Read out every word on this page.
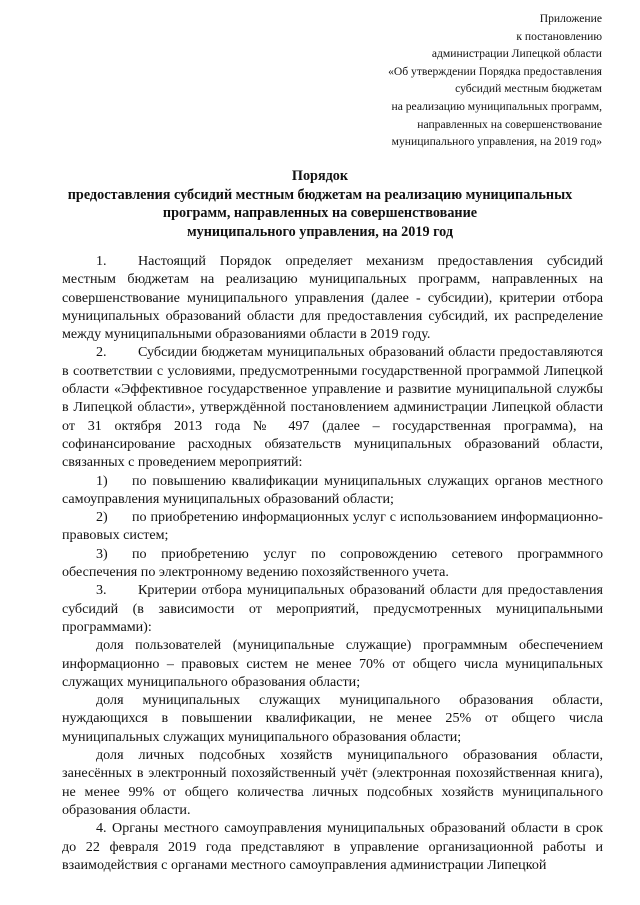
Приложение
к постановлению
администрации Липецкой области
«Об утверждении Порядка предоставления
субсидий местным бюджетам
на реализацию муниципальных программ,
направленных на совершенствование
муниципального управления, на 2019 год»
Порядок
предоставления субсидий местным бюджетам на реализацию муниципальных
программ, направленных на совершенствование
муниципального управления, на 2019 год

1. Настоящий Порядок определяет механизм предоставления субсидий местным бюджетам на реализацию муниципальных программ, направленных на совершенствование муниципального управления (далее - субсидии), критерии отбора муниципальных образований области для предоставления субсидий, их распределение между муниципальными образованиями области в 2019 году.

2. Субсидии бюджетам муниципальных образований области предоставляются в соответствии с условиями, предусмотренными государственной программой Липецкой области «Эффективное государственное управление и развитие муниципальной службы в Липецкой области», утверждённой постановлением администрации Липецкой области от 31 октября 2013 года № 497 (далее – государственная программа), на софинансирование расходных обязательств муниципальных образований области, связанных с проведением мероприятий:

1) по повышению квалификации муниципальных служащих органов местного самоуправления муниципальных образований области;

2) по приобретению информационных услуг с использованием информационно-правовых систем;

3) по приобретению услуг по сопровождению сетевого программного обеспечения по электронному ведению похозяйственного учета.

3. Критерии отбора муниципальных образований области для предоставления субсидий (в зависимости от мероприятий, предусмотренных муниципальными программами):

доля пользователей (муниципальные служащие) программным обеспечением информационно – правовых систем не менее 70% от общего числа муниципальных служащих муниципального образования области;

доля муниципальных служащих муниципального образования области, нуждающихся в повышении квалификации, не менее 25% от общего числа муниципальных служащих муниципального образования области;

доля личных подсобных хозяйств муниципального образования области, занесённых в электронный похозяйственный учёт (электронная похозяйственная книга), не менее 99% от общего количества личных подсобных хозяйств муниципального образования области.

4. Органы местного самоуправления муниципальных образований области в срок до 22 февраля 2019 года представляют в управление организационной работы и взаимодействия с органами местного самоуправления администрации Липецкой
